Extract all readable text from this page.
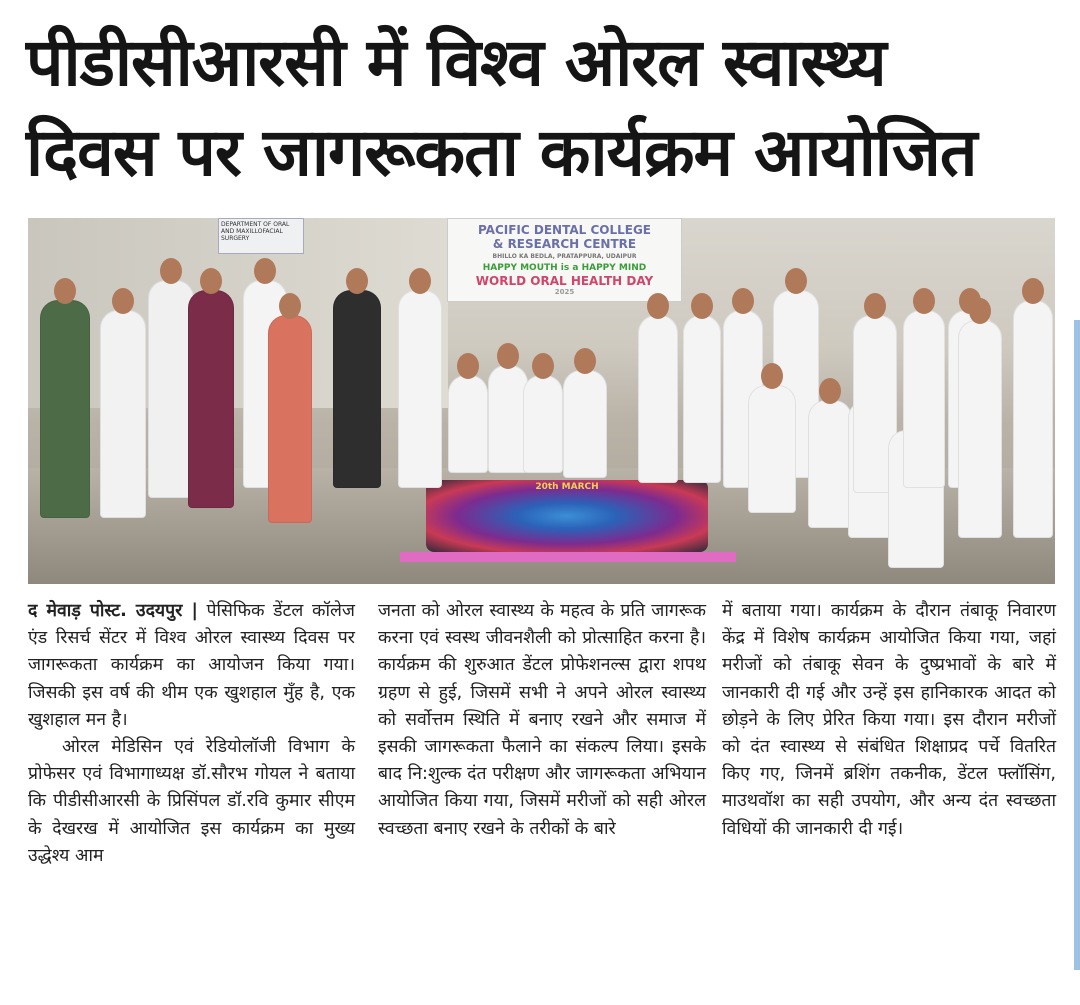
पीडीसीआरसी में विश्व ओरल स्वास्थ्य
दिवस पर जागरूकता कार्यक्रम आयोजित
DEPARTMENT OF ORAL AND MAXILLOFACIAL SURGERY
PACIFIC DENTAL COLLEGE
& RESEARCH CENTRE
BHILLO KA BEDLA, PRATAPPURA, UDAIPUR
HAPPY MOUTH is a HAPPY MIND
WORLD ORAL HEALTH DAY
2025
20th MARCH

द मेवाड़ पोस्ट. उदयपुर | पेसिफिक डेंटल कॉलेज एंड रिसर्च सेंटर में विश्व ओरल स्वास्थ्य दिवस पर जागरूकता कार्यक्रम का आयोजन किया गया। जिसकी इस वर्ष की थीम एक खुशहाल मुँह है, एक खुशहाल मन है।

ओरल मेडिसिन एवं रेडियोलॉजी विभाग के प्रोफेसर एवं विभागाध्यक्ष डॉ.सौरभ गोयल ने बताया कि पीडीसीआरसी के प्रिसिंपल डॉ.रवि कुमार सीएम के देखरख में आयोजित इस कार्यक्रम का मुख्य उद्धेश्य आम

जनता को ओरल स्वास्थ्य के महत्व के प्रति जागरूक करना एवं स्वस्थ जीवनशैली को प्रोत्साहित करना है। कार्यक्रम की शुरुआत डेंटल प्रोफेशनल्स द्वारा शपथ ग्रहण से हुई, जिसमें सभी ने अपने ओरल स्वास्थ्य को सर्वोत्तम स्थिति में बनाए रखने और समाज में इसकी जागरूकता फैलाने का संकल्प लिया। इसके बाद नि:शुल्क दंत परीक्षण और जागरूकता अभियान आयोजित किया गया, जिसमें मरीजों को सही ओरल स्वच्छता बनाए रखने के तरीकों के बारे

में बताया गया। कार्यक्रम के दौरान तंबाकू निवारण केंद्र में विशेष कार्यक्रम आयोजित किया गया, जहां मरीजों को तंबाकू सेवन के दुष्प्रभावों के बारे में जानकारी दी गई और उन्हें इस हानिकारक आदत को छोड़ने के लिए प्रेरित किया गया। इस दौरान मरीजों को दंत स्वास्थ्य से संबंधित शिक्षाप्रद पर्चे वितरित किए गए, जिनमें ब्रशिंग तकनीक, डेंटल फ्लॉसिंग, माउथवॉश का सही उपयोग, और अन्य दंत स्वच्छता विधियों की जानकारी दी गई।
